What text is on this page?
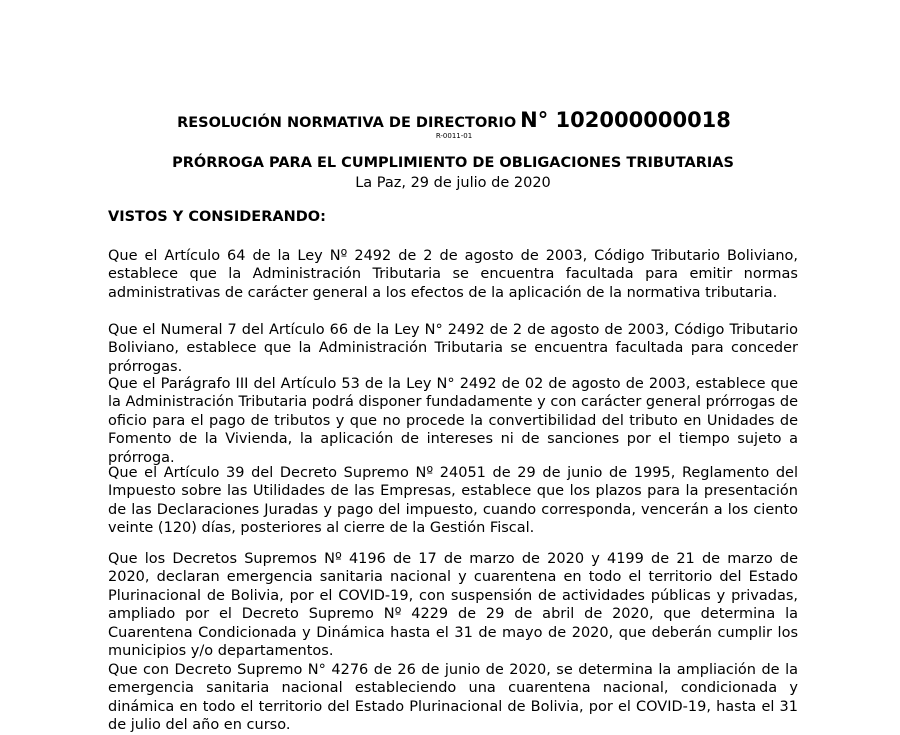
RESOLUCIÓN NORMATIVA DE DIRECTORIO N° 102000000018
R-0011-01
PRÓRROGA PARA EL CUMPLIMIENTO DE OBLIGACIONES TRIBUTARIAS
La Paz, 29 de julio de 2020
VISTOS Y CONSIDERANDO:

Que el Artículo 64 de la Ley Nº 2492 de 2 de agosto de 2003, Código Tributario Boliviano, establece que la Administración Tributaria se encuentra facultada para emitir normas administrativas de carácter general a los efectos de la aplicación de la normativa tributaria.

Que el Numeral 7 del Artículo 66 de la Ley N° 2492 de 2 de agosto de 2003, Código Tributario Boliviano, establece que la Administración Tributaria se encuentra facultada para conceder prórrogas.

Que el Parágrafo III del Artículo 53 de la Ley N° 2492 de 02 de agosto de 2003, establece que la Administración Tributaria podrá disponer fundadamente y con carácter general prórrogas de oficio para el pago de tributos y que no procede la convertibilidad del tributo en Unidades de Fomento de la Vivienda, la aplicación de intereses ni de sanciones por el tiempo sujeto a prórroga.

Que el Artículo 39 del Decreto Supremo Nº 24051 de 29 de junio de 1995, Reglamento del Impuesto sobre las Utilidades de las Empresas, establece que los plazos para la presentación de las Declaraciones Juradas y pago del impuesto, cuando corresponda, vencerán a los ciento veinte (120) días, posteriores al cierre de la Gestión Fiscal.

Que los Decretos Supremos Nº 4196 de 17 de marzo de 2020 y 4199 de 21 de marzo de 2020, declaran emergencia sanitaria nacional y cuarentena en todo el territorio del Estado Plurinacional de Bolivia, por el COVID-19, con suspensión de actividades públicas y privadas, ampliado por el Decreto Supremo Nº 4229 de 29 de abril de 2020, que determina la Cuarentena Condicionada y Dinámica hasta el 31 de mayo de 2020, que deberán cumplir los municipios y/o departamentos.

Que con Decreto Supremo N° 4276 de 26 de junio de 2020, se determina la ampliación de la emergencia sanitaria nacional estableciendo una cuarentena nacional, condicionada y dinámica en todo el territorio del Estado Plurinacional de Bolivia, por el COVID-19, hasta el 31 de julio del año en curso.
